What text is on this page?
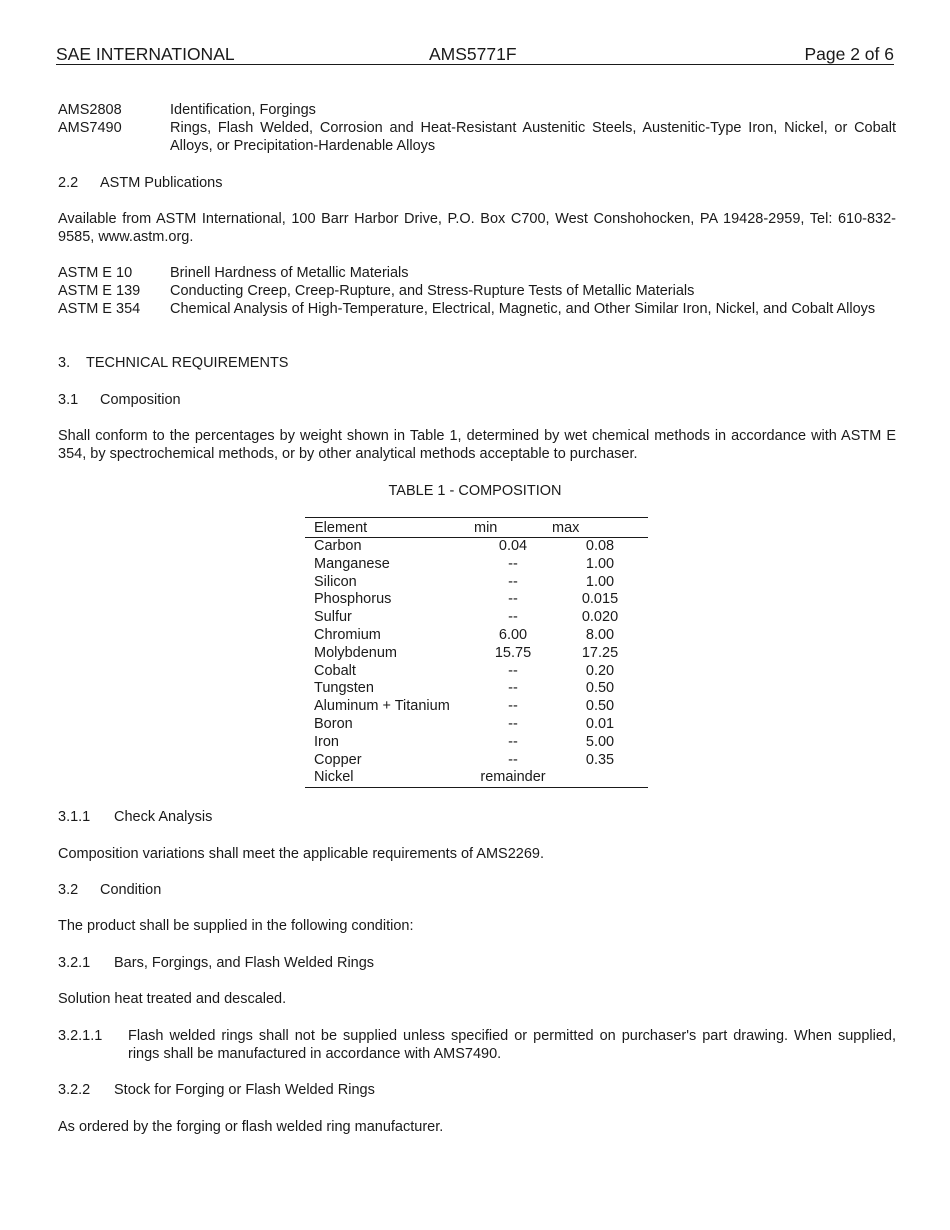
SAE INTERNATIONAL	AMS5771F	Page 2 of 6
AMS2808	Identification, Forgings
AMS7490	Rings, Flash Welded, Corrosion and Heat-Resistant Austenitic Steels, Austenitic-Type Iron, Nickel, or Cobalt Alloys, or Precipitation-Hardenable Alloys
2.2 ASTM Publications
Available from ASTM International, 100 Barr Harbor Drive, P.O. Box C700, West Conshohocken, PA 19428-2959, Tel: 610-832-9585, www.astm.org.
ASTM E 10	Brinell Hardness of Metallic Materials
ASTM E 139 Conducting Creep, Creep-Rupture, and Stress-Rupture Tests of Metallic Materials
ASTM E 354 Chemical Analysis of High-Temperature, Electrical, Magnetic, and Other Similar Iron, Nickel, and Cobalt Alloys
3. TECHNICAL REQUIREMENTS
3.1 Composition
Shall conform to the percentages by weight shown in Table 1, determined by wet chemical methods in accordance with ASTM E 354, by spectrochemical methods, or by other analytical methods acceptable to purchaser.
TABLE 1 - COMPOSITION
Element	min	max
Carbon	0.04	0.08
Manganese	--	1.00
Silicon	--	1.00
Phosphorus	--	0.015
Sulfur	--	0.020
Chromium	6.00	8.00
Molybdenum	15.75	17.25
Cobalt	--	0.20
Tungsten	--	0.50
Aluminum + Titanium	--	0.50
Boron	--	0.01
Iron	--	5.00
Copper	--	0.35
Nickel	remainder	
3.1.1 Check Analysis
Composition variations shall meet the applicable requirements of AMS2269.
3.2 Condition
The product shall be supplied in the following condition:
3.2.1 Bars, Forgings, and Flash Welded Rings
Solution heat treated and descaled.
3.2.1.1 Flash welded rings shall not be supplied unless specified or permitted on purchaser's part drawing. When supplied, rings shall be manufactured in accordance with AMS7490.
3.2.2 Stock for Forging or Flash Welded Rings
As ordered by the forging or flash welded ring manufacturer.
